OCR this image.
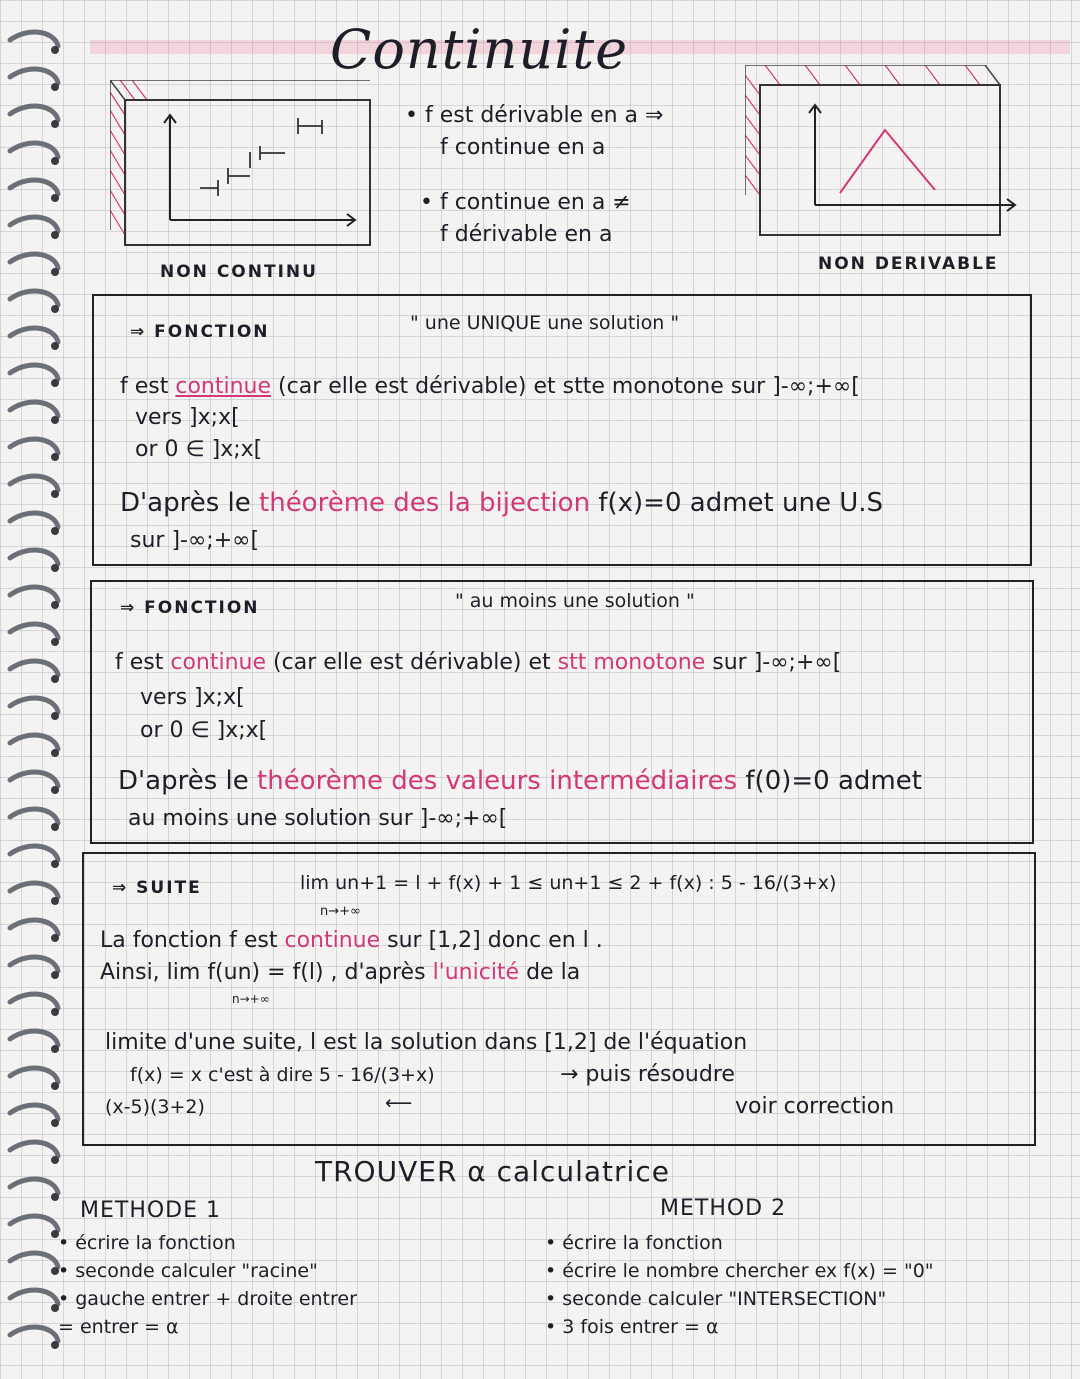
Continuite
NON CONTINU	NON DERIVABLE
• f est dérivable en a ⇒
f continue en a
• f continue en a ≠
f dérivable en a
⇒ FONCTION	" une UNIQUE une solution "
f est continue (car elle est dérivable) et stte monotone sur ]-∞;+∞[
vers ]x;x[
or 0 ∈ ]x;x[
D'après le théorème des la bijection f(x)=0 admet une U.S
sur ]-∞;+∞[
⇒ FONCTION	" au moins une solution "
f est continue (car elle est dérivable) et stt monotone sur ]-∞;+∞[
vers ]x;x[
or 0 ∈ ]x;x[
D'après le théorème des valeurs intermédiaires f(0)=0 admet
au moins une solution sur ]-∞;+∞[
⇒ SUITE	lim un+1 = l + f(x) + 1 ≤ un+1 ≤ 2 + f(x) : 5 - 16/(3+x)
n→+∞
La fonction f est continue sur [1,2] donc en l .
Ainsi, lim f(un) = f(l) , d'après l'unicité de la
n→+∞
limite d'une suite, l est la solution dans [1,2] de l'équation
f(x) = x c'est à dire 5 - 16/(3+x)	→ puis résoudre
(x-5)(3+2)	⟵	voir correction
TROUVER α calculatrice
METHODE 1
• écrire la fonction
• seconde calculer "racine"
• gauche entrer + droite entrer
= entrer = α
METHOD 2
• écrire la fonction
• écrire le nombre chercher ex f(x) = "0"
• seconde calculer "INTERSECTION"
• 3 fois entrer = α
